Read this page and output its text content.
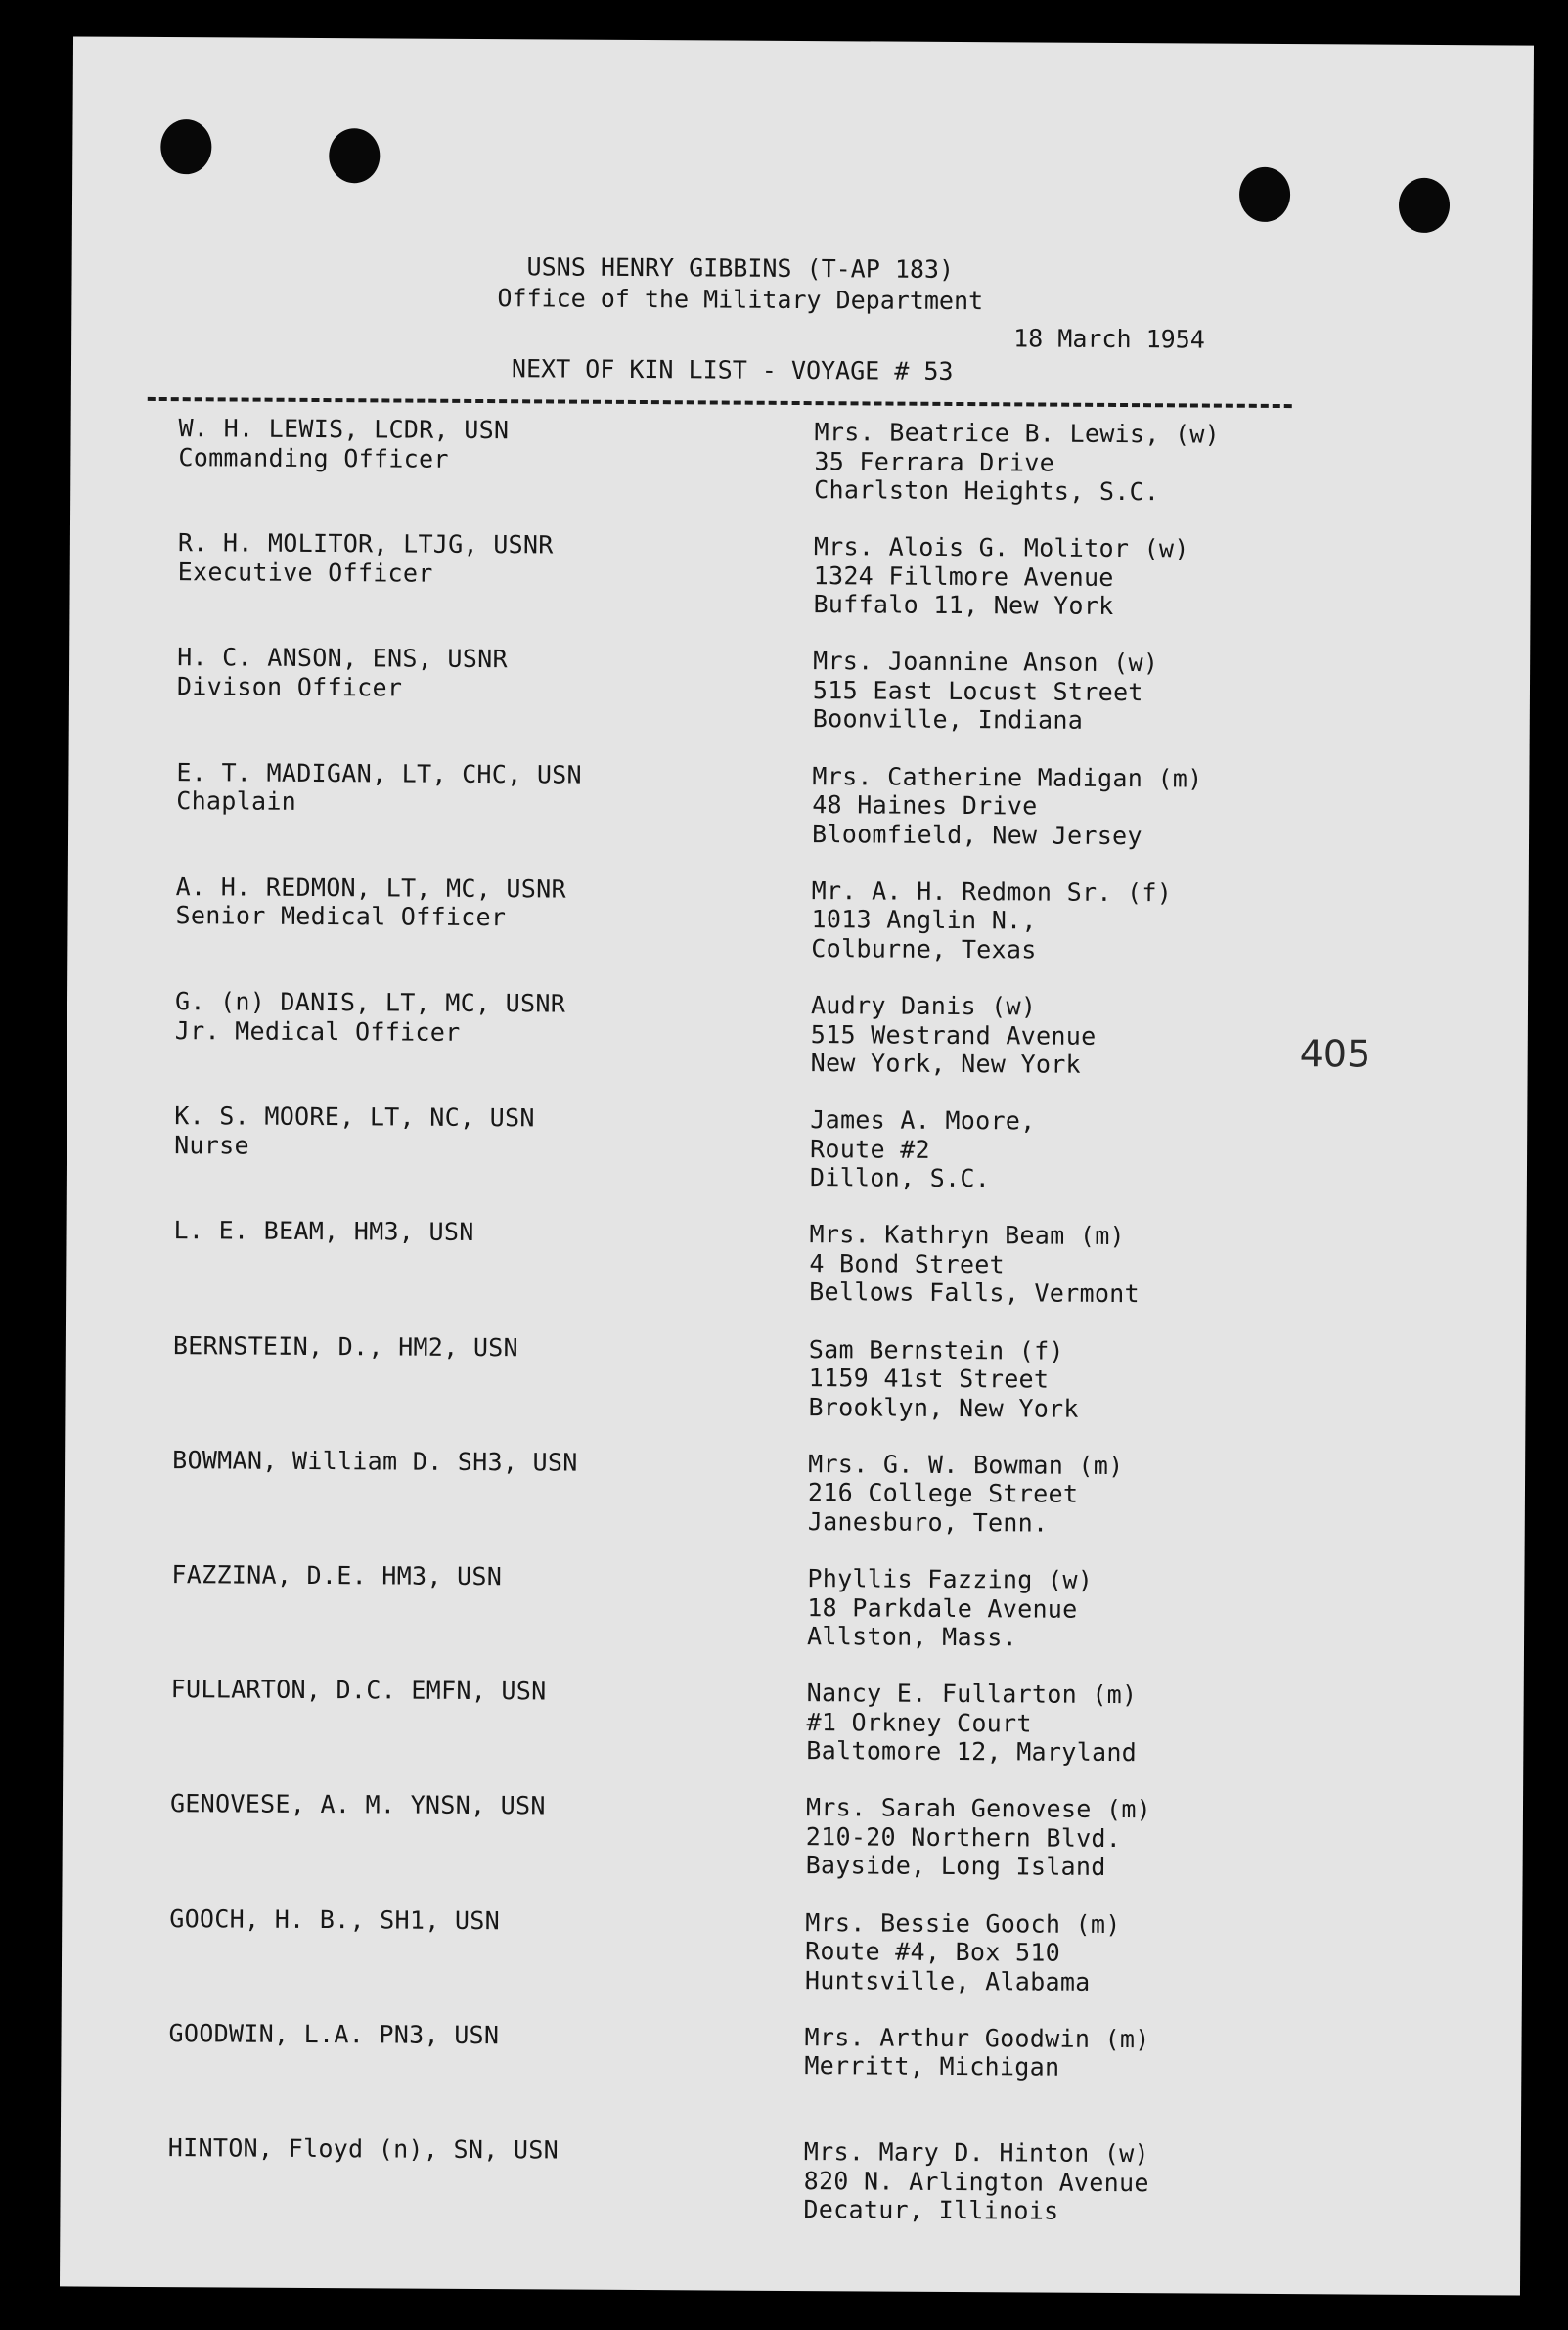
USNS HENRY GIBBINS (T-AP 183)
Office of the Military Department
18 March 1954
NEXT OF KIN LIST - VOYAGE # 53
405
W. H. LEWIS, LCDR, USN
Commanding Officer
Mrs. Beatrice B. Lewis, (w)
35 Ferrara Drive
Charlston Heights, S.C.
R. H. MOLITOR, LTJG, USNR
Executive Officer
Mrs. Alois G. Molitor (w)
1324 Fillmore Avenue
Buffalo 11, New York
H. C. ANSON, ENS, USNR
Divison Officer
Mrs. Joannine Anson (w)
515 East Locust Street
Boonville, Indiana
E. T. MADIGAN, LT, CHC, USN
Chaplain
Mrs. Catherine Madigan (m)
48 Haines Drive
Bloomfield, New Jersey
A. H. REDMON, LT, MC, USNR
Senior Medical Officer
Mr. A. H. Redmon Sr. (f)
1013 Anglin N.,
Colburne, Texas
G. (n) DANIS, LT, MC, USNR
Jr. Medical Officer
Audry Danis (w)
515 Westrand Avenue
New York, New York
K. S. MOORE, LT, NC, USN
Nurse
James A. Moore,
Route #2
Dillon, S.C.
L. E. BEAM, HM3, USN	Mrs. Kathryn Beam (m)
4 Bond Street
Bellows Falls, Vermont
BERNSTEIN, D., HM2, USN	Sam Bernstein (f)
1159 41st Street
Brooklyn, New York
BOWMAN, William D. SH3, USN	Mrs. G. W. Bowman (m)
216 College Street
Janesburo, Tenn.
FAZZINA, D.E. HM3, USN	Phyllis Fazzing (w)
18 Parkdale Avenue
Allston, Mass.
FULLARTON, D.C. EMFN, USN	Nancy E. Fullarton (m)
#1 Orkney Court
Baltomore 12, Maryland
GENOVESE, A. M. YNSN, USN	Mrs. Sarah Genovese (m)
210-20 Northern Blvd.
Bayside, Long Island
GOOCH, H. B., SH1, USN	Mrs. Bessie Gooch (m)
Route #4, Box 510
Huntsville, Alabama
GOODWIN, L.A. PN3, USN	Mrs. Arthur Goodwin (m)
Merritt, Michigan
HINTON, Floyd (n), SN, USN	Mrs. Mary D. Hinton (w)
820 N. Arlington Avenue
Decatur, Illinois
